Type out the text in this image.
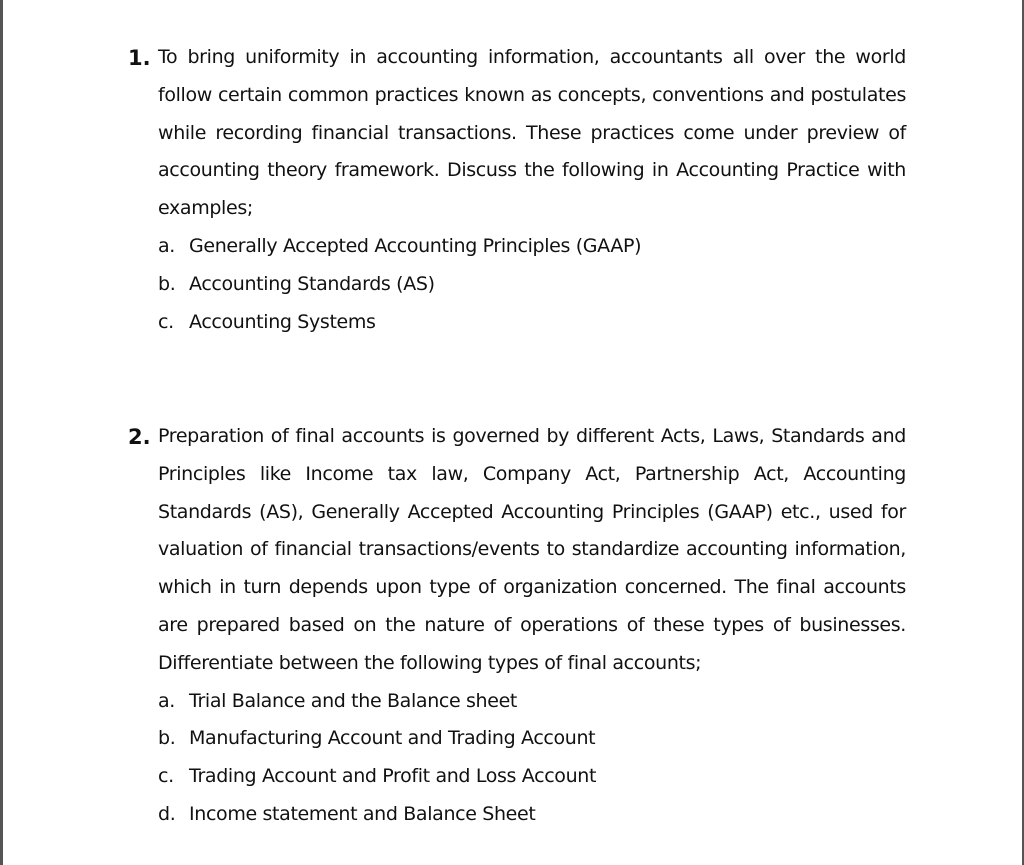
1. To bring uniformity in accounting information, accountants all over the world follow certain common practices known as concepts, conventions and postulates while recording financial transactions. These practices come under preview of accounting theory framework. Discuss the following in Accounting Practice with examples;
a. Generally Accepted Accounting Principles (GAAP)
b. Accounting Standards (AS)
c. Accounting Systems
2. Preparation of final accounts is governed by different Acts, Laws, Standards and Principles like Income tax law, Company Act, Partnership Act, Accounting Standards (AS), Generally Accepted Accounting Principles (GAAP) etc., used for valuation of financial transactions/events to standardize accounting information, which in turn depends upon type of organization concerned. The final accounts are prepared based on the nature of operations of these types of businesses. Differentiate between the following types of final accounts;
a. Trial Balance and the Balance sheet
b. Manufacturing Account and Trading Account
c. Trading Account and Profit and Loss Account
d. Income statement and Balance Sheet
